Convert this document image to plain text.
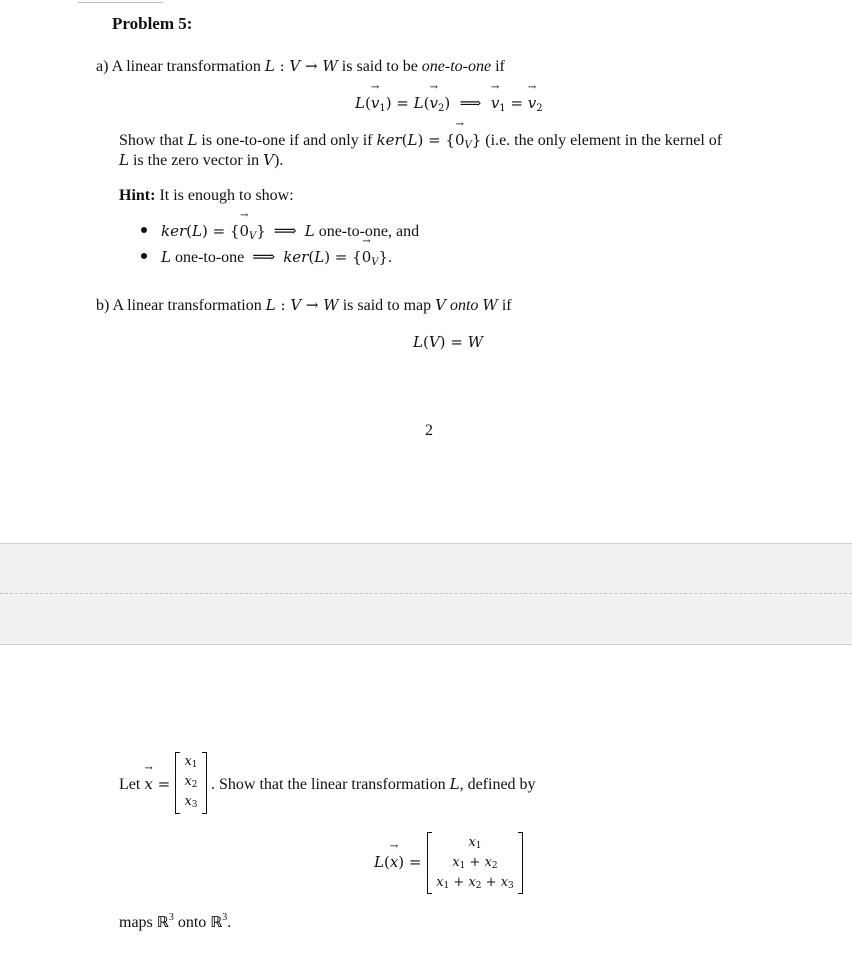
Problem 5:
a) A linear transformation L : V → W is said to be one-to-one if
$L(\to v_1) = L(\to v_2)$  ⟹  → $v_1$ = → $v_2$
Show that L is one-to-one if and only if ker(L) = {→ $0_V$} (i.e. the only element in the kernel of
L is the zero vector in V).
Hint: It is enough to show:
ker(L) = {→ $0_V$}  ⟹  L one-to-one, and
L one-to-one  ⟹  ker(L) = {→ $0_V$}.
b) A linear transformation L : V → W is said to map V onto W if
L(V) = W
2
Let → x =
x1
x2
x3
. Show that the linear transformation L, defined by
L(→ x) =
x1
x1 + x2
x1 + x2 + x3
maps ℝ$^3$ onto ℝ$^3$.
